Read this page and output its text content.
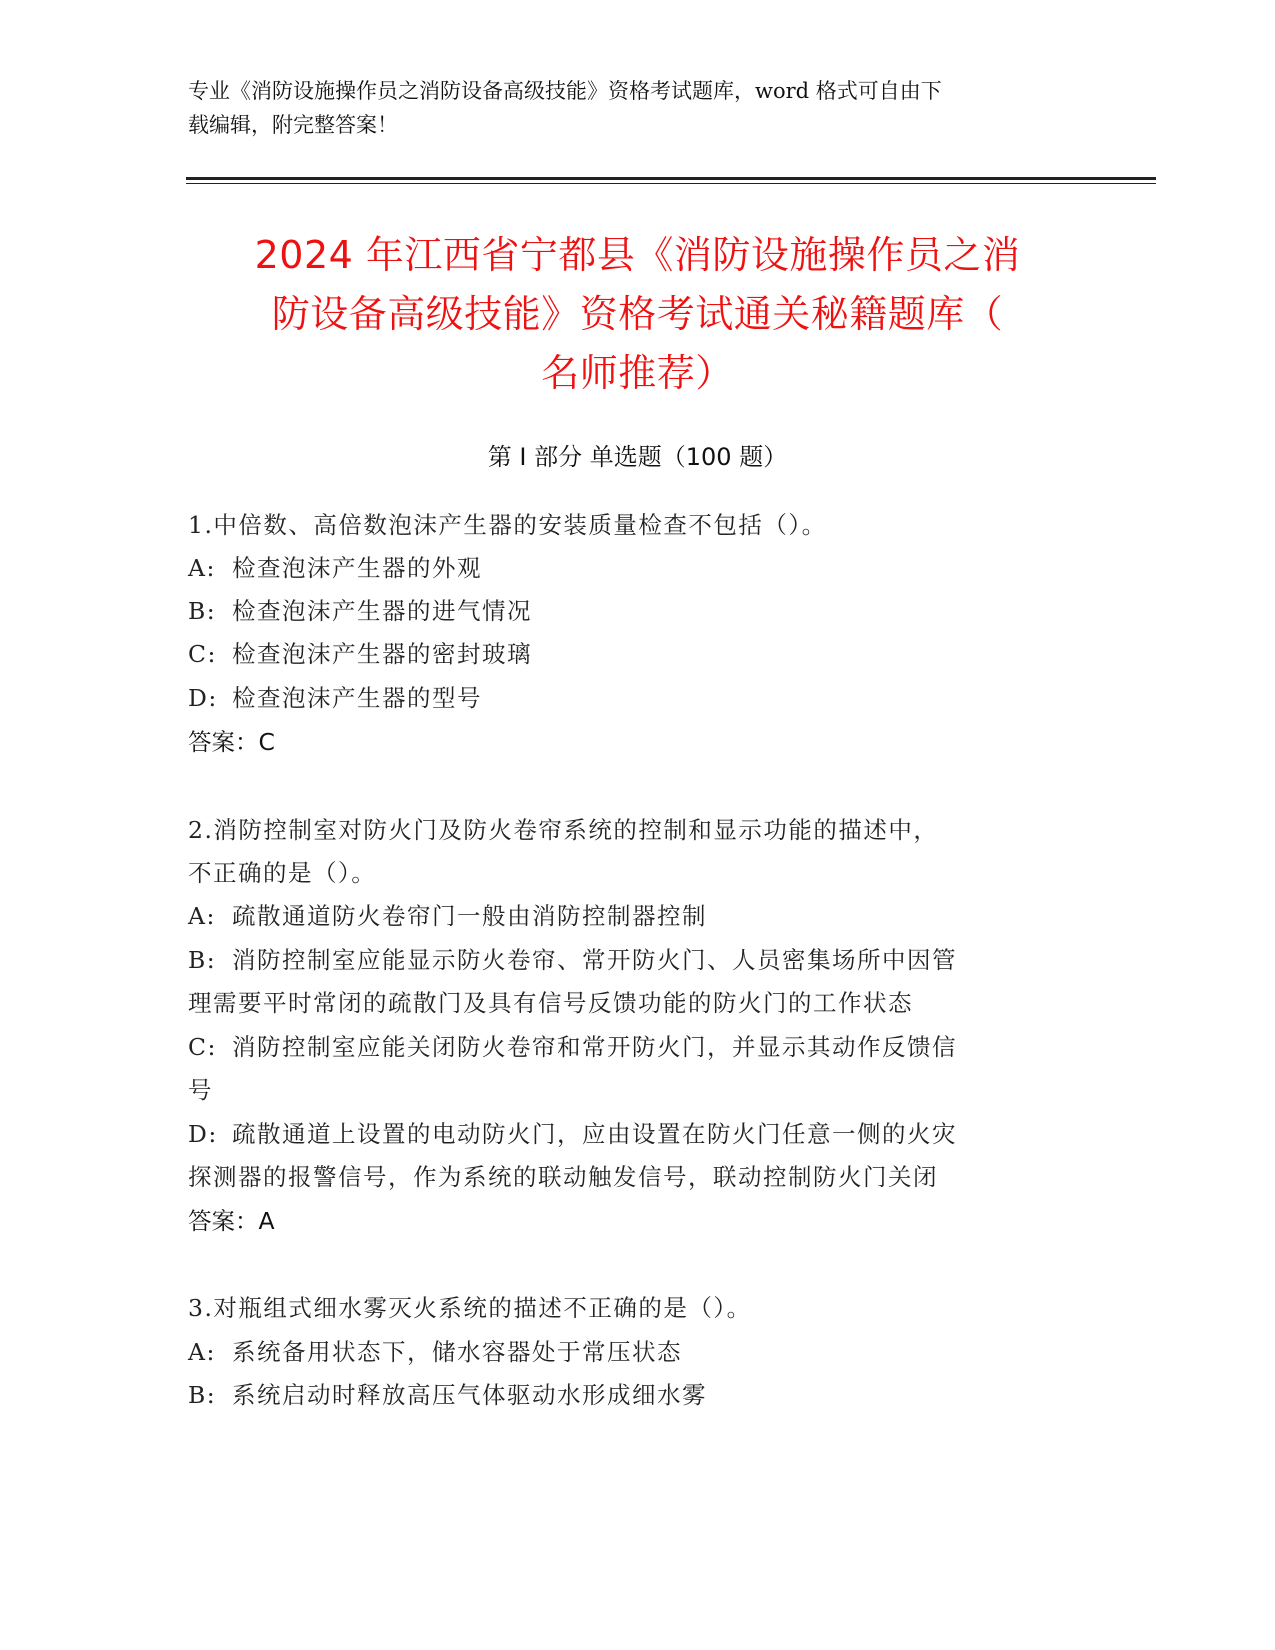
专业《消防设施操作员之消防设备高级技能》资格考试题库，word 格式可自由下
载编辑，附完整答案！
2024 年江西省宁都县《消防设施操作员之消
防设备高级技能》资格考试通关秘籍题库（
名师推荐）
第 I 部分 单选题（100 题）
1.中倍数、高倍数泡沫产生器的安装质量检查不包括（）。
A: 检查泡沫产生器的外观
B: 检查泡沫产生器的进气情况
C: 检查泡沫产生器的密封玻璃
D: 检查泡沫产生器的型号
答案：C
2.消防控制室对防火门及防火卷帘系统的控制和显示功能的描述中，
不正确的是（）。
A: 疏散通道防火卷帘门一般由消防控制器控制
B: 消防控制室应能显示防火卷帘、常开防火门、人员密集场所中因管
理需要平时常闭的疏散门及具有信号反馈功能的防火门的工作状态
C: 消防控制室应能关闭防火卷帘和常开防火门，并显示其动作反馈信
号
D: 疏散通道上设置的电动防火门，应由设置在防火门任意一侧的火灾
探测器的报警信号，作为系统的联动触发信号，联动控制防火门关闭
答案：A
3.对瓶组式细水雾灭火系统的描述不正确的是（）。
A: 系统备用状态下，储水容器处于常压状态
B: 系统启动时释放高压气体驱动水形成细水雾
